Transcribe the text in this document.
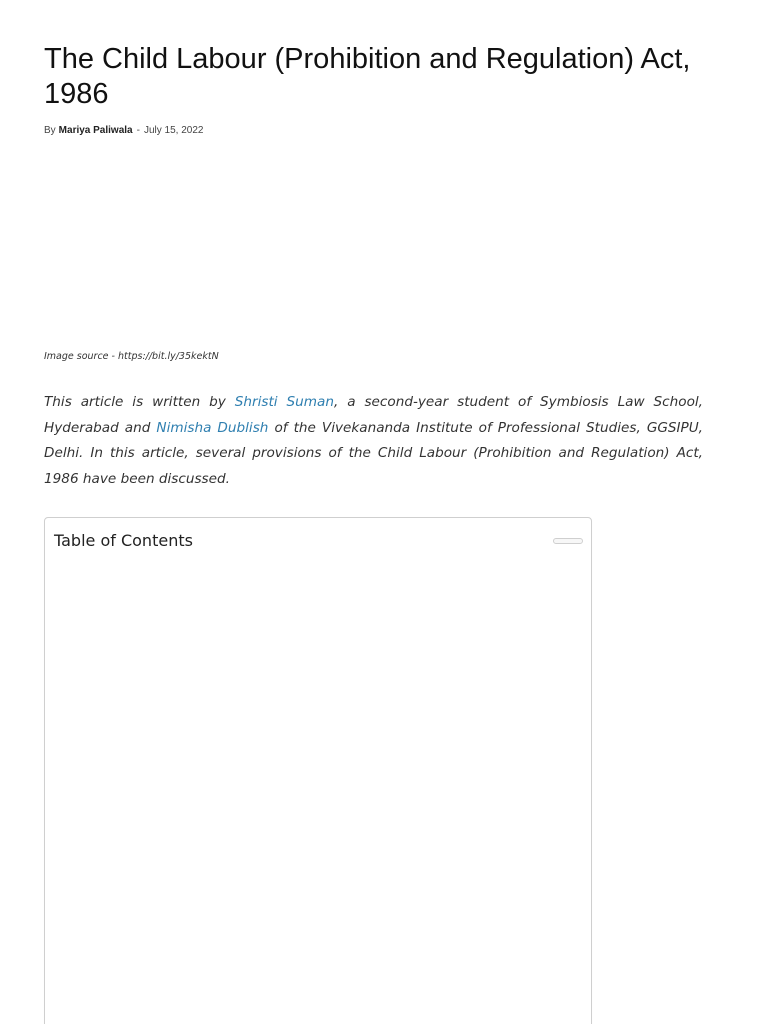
The Child Labour (Prohibition and Regulation) Act, 1986
By Mariya Paliwala - July 15, 2022
Image source - https://bit.ly/35kektN

This article is written by Shristi Suman, a second-year student of Symbiosis Law School, Hyderabad and Nimisha Dublish of the Vivekananda Institute of Professional Studies, GGSIPU, Delhi. In this article, several provisions of the Child Labour (Prohibition and Regulation) Act, 1986 have been discussed.

Table of Contents
